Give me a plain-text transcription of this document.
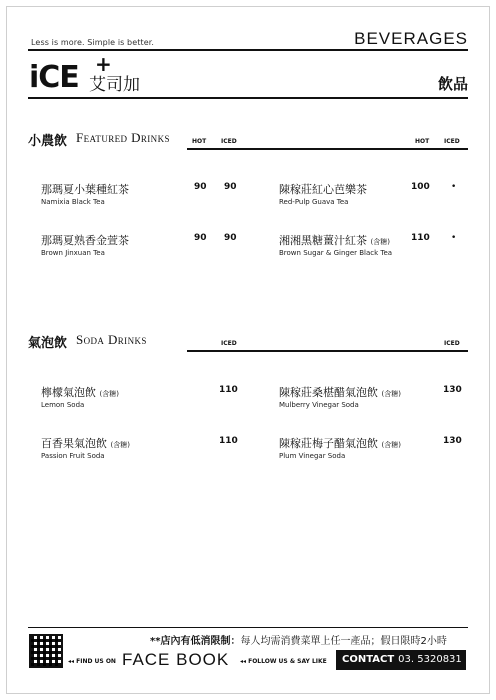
Less is more. Simple is better.	BEVERAGES
iCE +
艾司加	飲品
小農飲 Featured Drinks	HOT ICED	HOT ICED
那瑪夏小葉種紅茶
Namixia Black Tea
90 90
那瑪夏熟香金萱茶
Brown Jinxuan Tea
90 90
陳稼莊紅心芭樂茶
Red-Pulp Guava Tea
100 •
湘湘黑糖薑汁紅茶 (含糖)
Brown Sugar & Ginger Black Tea
110 •
氣泡飲 Soda Drinks	ICED	ICED
檸檬氣泡飲 (含糖)
Lemon Soda
110
百香果氣泡飲 (含糖)
Passion Fruit Soda
110
陳稼莊桑椹醋氣泡飲 (含糖)
Mulberry Vinegar Soda
130
陳稼莊梅子醋氣泡飲 (含糖)
Plum Vinegar Soda
130
**店內有低消限制：每人均需消費菜單上任一產品；假日限時2小時
◂◂ FIND US ON FACE BOOK ◂◂ FOLLOW US & SAY LIKE	CONTACT 03. 5320831
